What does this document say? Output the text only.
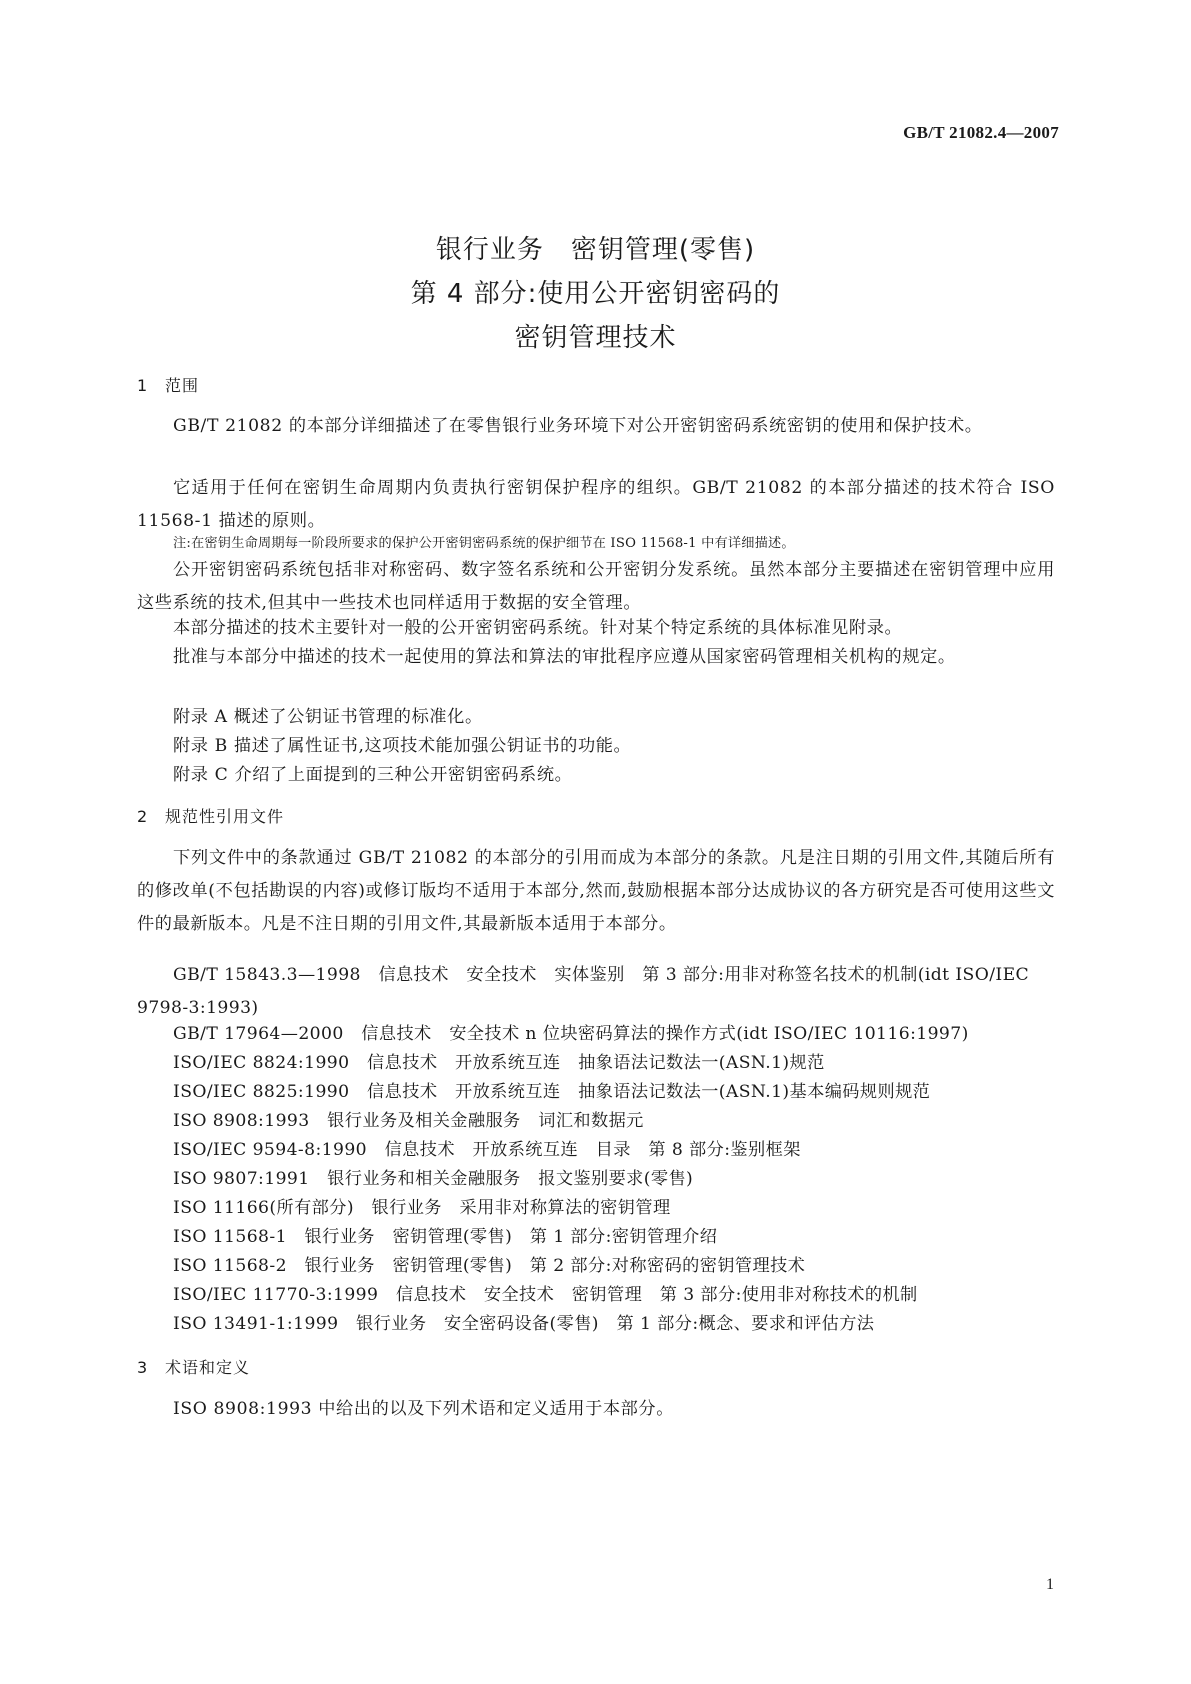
GB/T 21082.4—2007
银行业务　密钥管理(零售)
第 4 部分:使用公开密钥密码的
密钥管理技术
1 范围
GB/T 21082 的本部分详细描述了在零售银行业务环境下对公开密钥密码系统密钥的使用和保护技术。
它适用于任何在密钥生命周期内负责执行密钥保护程序的组织。GB/T 21082 的本部分描述的技术符合 ISO 11568-1 描述的原则。
注:在密钥生命周期每一阶段所要求的保护公开密钥密码系统的保护细节在 ISO 11568-1 中有详细描述。
公开密钥密码系统包括非对称密码、数字签名系统和公开密钥分发系统。虽然本部分主要描述在密钥管理中应用这些系统的技术,但其中一些技术也同样适用于数据的安全管理。
本部分描述的技术主要针对一般的公开密钥密码系统。针对某个特定系统的具体标准见附录。
批准与本部分中描述的技术一起使用的算法和算法的审批程序应遵从国家密码管理相关机构的规定。
附录 A 概述了公钥证书管理的标准化。
附录 B 描述了属性证书,这项技术能加强公钥证书的功能。
附录 C 介绍了上面提到的三种公开密钥密码系统。
2 规范性引用文件
下列文件中的条款通过 GB/T 21082 的本部分的引用而成为本部分的条款。凡是注日期的引用文件,其随后所有的修改单(不包括勘误的内容)或修订版均不适用于本部分,然而,鼓励根据本部分达成协议的各方研究是否可使用这些文件的最新版本。凡是不注日期的引用文件,其最新版本适用于本部分。
GB/T 15843.3—1998　信息技术　安全技术　实体鉴别　第 3 部分:用非对称签名技术的机制(idt ISO/IEC 9798-3:1993)
GB/T 17964—2000　信息技术　安全技术 n 位块密码算法的操作方式(idt ISO/IEC 10116:1997)
ISO/IEC 8824:1990　信息技术　开放系统互连　抽象语法记数法一(ASN.1)规范
ISO/IEC 8825:1990　信息技术　开放系统互连　抽象语法记数法一(ASN.1)基本编码规则规范
ISO 8908:1993　银行业务及相关金融服务　词汇和数据元
ISO/IEC 9594-8:1990　信息技术　开放系统互连　目录　第 8 部分:鉴别框架
ISO 9807:1991　银行业务和相关金融服务　报文鉴别要求(零售)
ISO 11166(所有部分)　银行业务　采用非对称算法的密钥管理
ISO 11568-1　银行业务　密钥管理(零售)　第 1 部分:密钥管理介绍
ISO 11568-2　银行业务　密钥管理(零售)　第 2 部分:对称密码的密钥管理技术
ISO/IEC 11770-3:1999　信息技术　安全技术　密钥管理　第 3 部分:使用非对称技术的机制
ISO 13491-1:1999　银行业务　安全密码设备(零售)　第 1 部分:概念、要求和评估方法
3 术语和定义
ISO 8908:1993 中给出的以及下列术语和定义适用于本部分。
1
